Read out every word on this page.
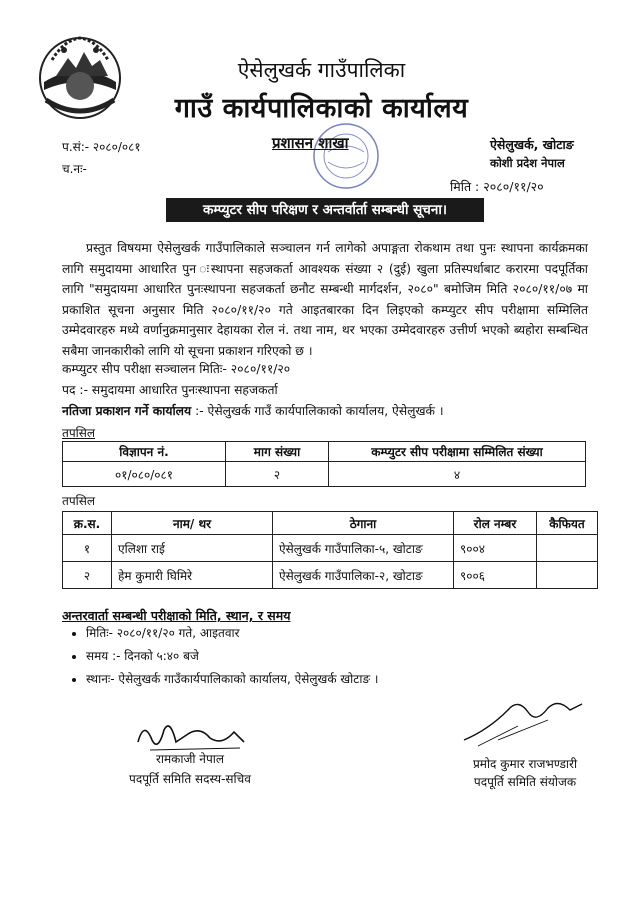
ऐसेलुखर्क गाउँपालिका
गाउँ कार्यपालिकाको कार्यालय
प.सं:- २०८०/०८१
च.नः-
प्रशासन शाखा	ऐसेलुखर्क, खोटाङ
कोशी प्रदेश नेपाल
मिति : २०८०/११/२०
कम्प्युटर सीप परिक्षण र अन्तर्वार्ता सम्बन्धी सूचना।
प्रस्तुत विषयमा ऐसेलुखर्क गाउँपालिकाले सञ्चालन गर्न लागेको अपाङ्गता रोकथाम तथा पुनः स्थापना कार्यक्रमका लागि समुदायमा आधारित पुन ःस्थापना सहजकर्ता आवश्यक संख्या २ (दुई) खुला प्रतिस्पर्धाबाट करारमा पदपूर्तिका लागि "समुदायमा आधारित पुनःस्थापना सहजकर्ता छनौट सम्बन्धी मार्गदर्शन, २०८०" बमोजिम मिति २०८०/११/०७ मा प्रकाशित सूचना अनुसार मिति २०८०/११/२० गते आइतबारका दिन लिइएको कम्प्युटर सीप परीक्षामा सम्मिलित उम्मेदवारहरु मध्ये वर्णानुक्रमानुसार देहायका रोल नं. तथा नाम, थर भएका उम्मेदवारहरु उत्तीर्ण भएको ब्यहोरा सम्बन्धित सबैमा जानकारीको लागि यो सूचना प्रकाशन गरिएको छ ।
कम्प्युटर सीप परीक्षा सञ्चालन मितिः- २०८०/११/२०
पद :- समुदायमा आधारित पुनःस्थापना सहजकर्ता
नतिजा प्रकाशन गर्ने कार्यालय :- ऐसेलुखर्क गाउँ कार्यपालिकाको कार्यालय, ऐसेलुखर्क ।
तपसिल
विज्ञापन नं.	माग संख्या	कम्प्युटर सीप परीक्षामा सम्मिलित संख्या
०१/०८०/०८१	२	४
तपसिल
क्र.स.	नाम/ थर	ठेगाना	रोल नम्बर	कैफियत
१	एलिशा राई	ऐसेलुखर्क गाउँपालिका-५, खोटाङ	९००४	
२	हेम कुमारी घिमिरे	ऐसेलुखर्क गाउँपालिका-२, खोटाङ	९००६	
अन्तरवार्ता सम्बन्धी परीक्षाको मिति, स्थान, र समय
• मितिः- २०८०/११/२० गते, आइतवार
• समय :- दिनको ५:४० बजे
• स्थानः- ऐसेलुखर्क गाउँकार्यपालिकाको कार्यालय, ऐसेलुखर्क खोटाङ ।
रामकाजी नेपाल
पदपूर्ति समिति सदस्य-सचिव
प्रमोद कुमार राजभण्डारी
पदपूर्ति समिति संयोजक
